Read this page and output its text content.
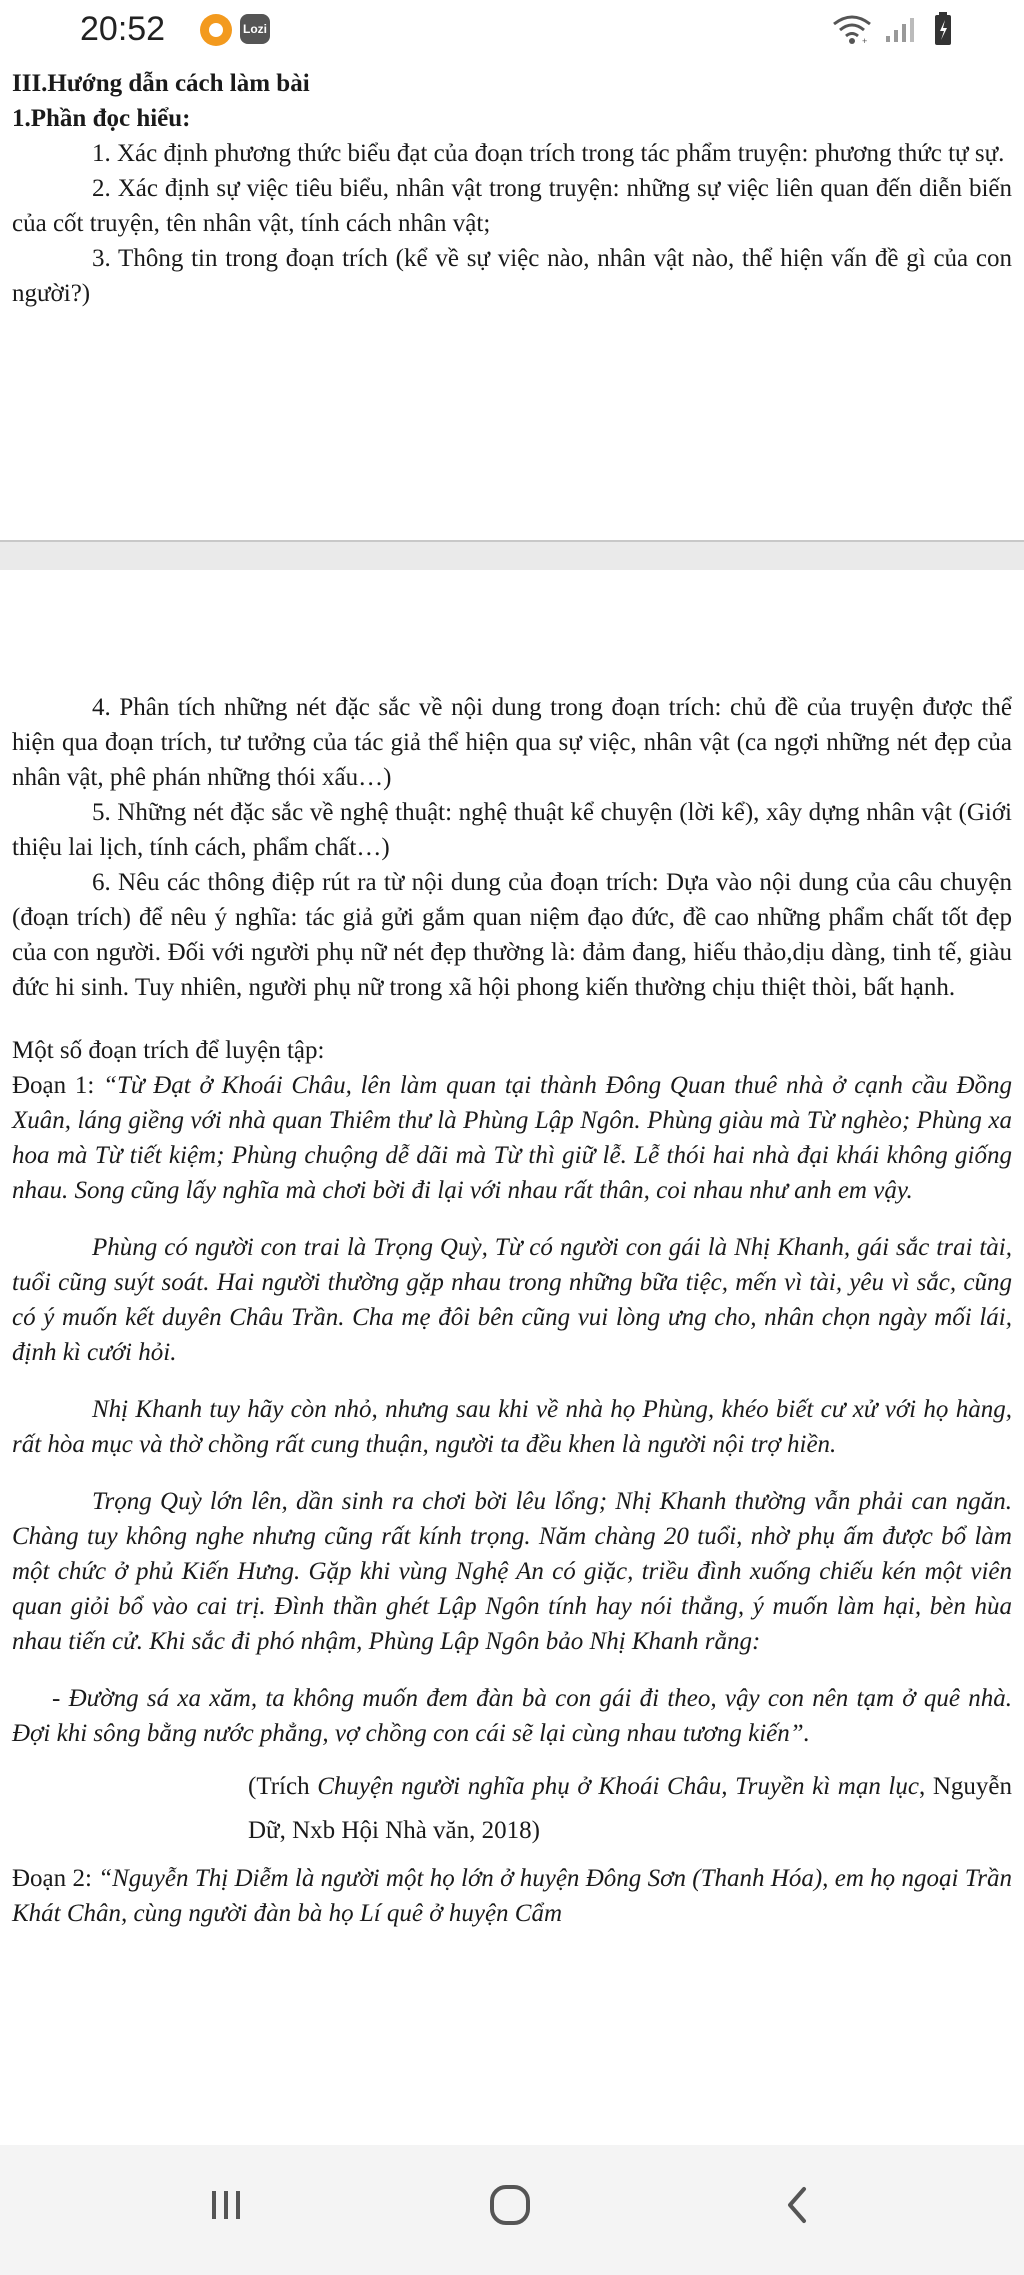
20:52	Lozi
+

III.Hướng dẫn cách làm bài

1.Phần đọc hiểu:

1. Xác định phương thức biểu đạt của đoạn trích trong tác phẩm truyện: phương thức tự sự.

2. Xác định sự việc tiêu biểu, nhân vật trong truyện: những sự việc liên quan đến diễn biến của cốt truyện, tên nhân vật, tính cách nhân vật;

3. Thông tin trong đoạn trích (kể về sự việc nào, nhân vật nào, thể hiện vấn đề gì của con người?)

4. Phân tích những nét đặc sắc về nội dung trong đoạn trích: chủ đề của truyện được thể hiện qua đoạn trích, tư tưởng của tác giả thể hiện qua sự việc, nhân vật (ca ngợi những nét đẹp của nhân vật, phê phán những thói xấu…)

5. Những nét đặc sắc về nghệ thuật: nghệ thuật kể chuyện (lời kể), xây dựng nhân vật (Giới thiệu lai lịch, tính cách, phẩm chất…)

6. Nêu các thông điệp rút ra từ nội dung của đoạn trích: Dựa vào nội dung của câu chuyện (đoạn trích) để nêu ý nghĩa: tác giả gửi gắm quan niệm đạo đức, đề cao những phẩm chất tốt đẹp của con người. Đối với người phụ nữ nét đẹp thường là: đảm đang, hiếu thảo,dịu dàng, tinh tế, giàu đức hi sinh. Tuy nhiên, người phụ nữ trong xã hội phong kiến thường chịu thiệt thòi, bất hạnh.

Một số đoạn trích để luyện tập:

Đoạn 1: “Từ Đạt ở Khoái Châu, lên làm quan tại thành Đông Quan thuê nhà ở cạnh cầu Đồng Xuân, láng giềng với nhà quan Thiêm thư là Phùng Lập Ngôn. Phùng giàu mà Từ nghèo; Phùng xa hoa mà Từ tiết kiệm; Phùng chuộng dễ dãi mà Từ thì giữ lễ. Lễ thói hai nhà đại khái không giống nhau. Song cũng lấy nghĩa mà chơi bời đi lại với nhau rất thân, coi nhau như anh em vậy.

Phùng có người con trai là Trọng Quỳ, Từ có người con gái là Nhị Khanh, gái sắc trai tài, tuổi cũng suýt soát. Hai người thường gặp nhau trong những bữa tiệc, mến vì tài, yêu vì sắc, cũng có ý muốn kết duyên Châu Trần. Cha mẹ đôi bên cũng vui lòng ưng cho, nhân chọn ngày mối lái, định kì cưới hỏi.

Nhị Khanh tuy hãy còn nhỏ, nhưng sau khi về nhà họ Phùng, khéo biết cư xử với họ hàng, rất hòa mục và thờ chồng rất cung thuận, người ta đều khen là người nội trợ hiền.

Trọng Quỳ lớn lên, dần sinh ra chơi bời lêu lổng; Nhị Khanh thường vẫn phải can ngăn. Chàng tuy không nghe nhưng cũng rất kính trọng. Năm chàng 20 tuổi, nhờ phụ ấm được bổ làm một chức ở phủ Kiến Hưng. Gặp khi vùng Nghệ An có giặc, triều đình xuống chiếu kén một viên quan giỏi bổ vào cai trị. Đình thần ghét Lập Ngôn tính hay nói thẳng, ý muốn làm hại, bèn hùa nhau tiến cử. Khi sắc đi phó nhậm, Phùng Lập Ngôn bảo Nhị Khanh rằng:

- Đường sá xa xăm, ta không muốn đem đàn bà con gái đi theo, vậy con nên tạm ở quê nhà. Đợi khi sông bằng nước phẳng, vợ chồng con cái sẽ lại cùng nhau tương kiến”.

(Trích Chuyện người nghĩa phụ ở Khoái Châu, Truyền kì mạn lục, Nguyễn Dữ, Nxb Hội Nhà văn, 2018)

Đoạn 2: “Nguyễn Thị Diễm là người một họ lớn ở huyện Đông Sơn (Thanh Hóa), em họ ngoại Trần Khát Chân, cùng người đàn bà họ Lí quê ở huyện Cẩm
